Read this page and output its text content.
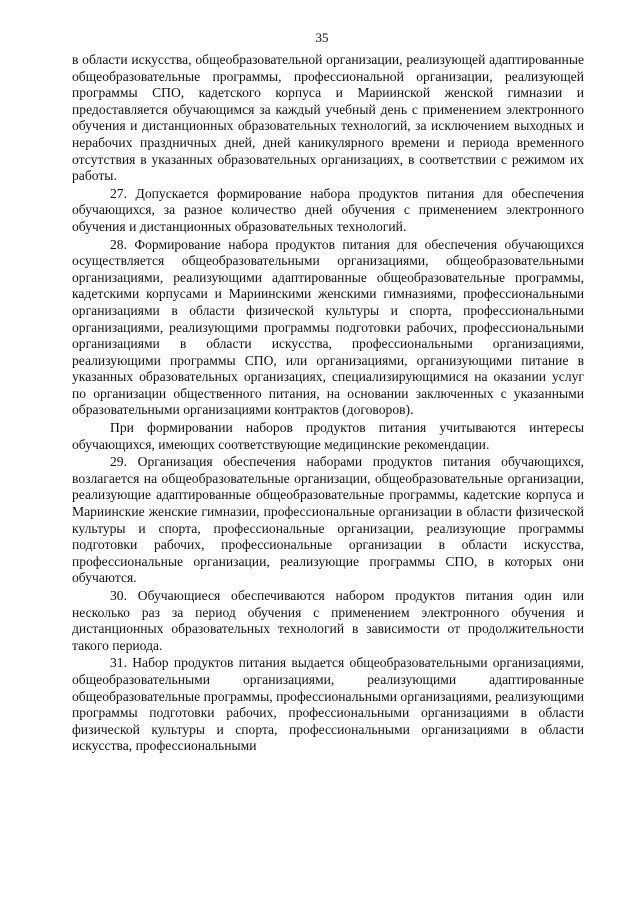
35

в области искусства, общеобразовательной организации, реализующей адаптированные общеобразовательные программы, профессиональной организации, реализующей программы СПО, кадетского корпуса и Мариинской женской гимназии и предоставляется обучающимся за каждый учебный день с применением электронного обучения и дистанционных образовательных технологий, за исключением выходных и нерабочих праздничных дней, дней каникулярного времени и периода временного отсутствия в указанных образовательных организациях, в соответствии с режимом их работы.

27. Допускается формирование набора продуктов питания для обеспечения обучающихся, за разное количество дней обучения с применением электронного обучения и дистанционных образовательных технологий.

28. Формирование набора продуктов питания для обеспечения обучающихся осуществляется общеобразовательными организациями, общеобразовательными организациями, реализующими адаптированные общеобразовательные программы, кадетскими корпусами и Мариинскими женскими гимназиями, профессиональными организациями в области физической культуры и спорта, профессиональными организациями, реализующими программы подготовки рабочих, профессиональными организациями в области искусства, профессиональными организациями, реализующими программы СПО, или организациями, организующими питание в указанных образовательных организациях, специализирующимися на оказании услуг по организации общественного питания, на основании заключенных с указанными образовательными организациями контрактов (договоров).

При формировании наборов продуктов питания учитываются интересы обучающихся, имеющих соответствующие медицинские рекомендации.

29. Организация обеспечения наборами продуктов питания обучающихся, возлагается на общеобразовательные организации, общеобразовательные организации, реализующие адаптированные общеобразовательные программы, кадетские корпуса и Мариинские женские гимназии, профессиональные организации в области физической культуры и спорта, профессиональные организации, реализующие программы подготовки рабочих, профессиональные организации в области искусства, профессиональные организации, реализующие программы СПО, в которых они обучаются.

30. Обучающиеся обеспечиваются набором продуктов питания один или несколько раз за период обучения с применением электронного обучения и дистанционных образовательных технологий в зависимости от продолжительности такого периода.

31. Набор продуктов питания выдается общеобразовательными организациями, общеобразовательными организациями, реализующими адаптированные общеобразовательные программы, профессиональными организациями, реализующими программы подготовки рабочих, профессиональными организациями в области физической культуры и спорта, профессиональными организациями в области искусства, профессиональными
